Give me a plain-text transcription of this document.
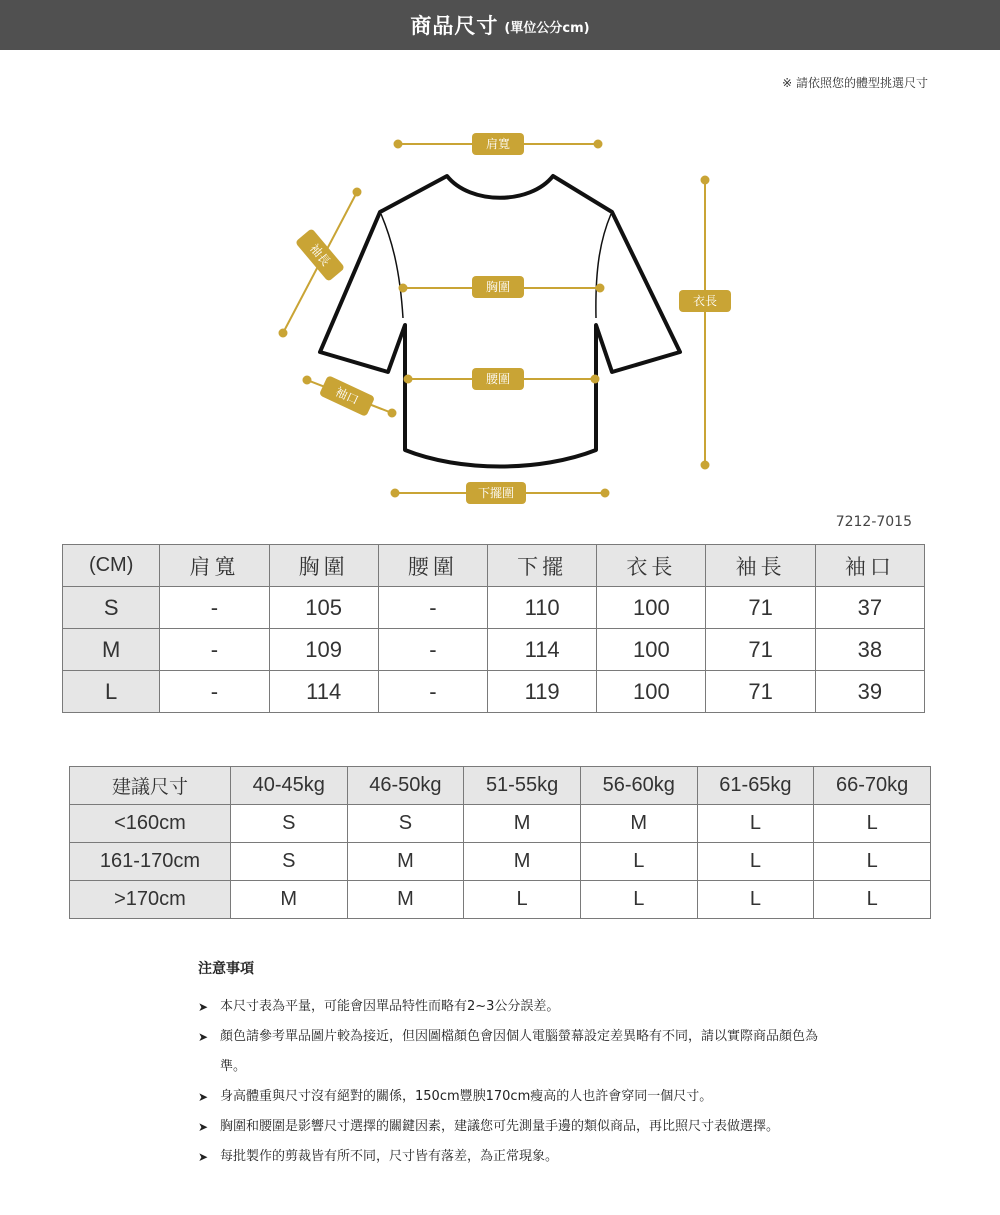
商品尺寸 (單位公分cm)
※ 請依照您的體型挑選尺寸
肩寬
袖長
胸圍
衣長
腰圍
袖口
下擺圍
7212-7015
(CM)	肩寬	胸圍	腰圍	下擺	衣長	袖長	袖口
S	-	105	-	110	100	71	37
M	-	109	-	114	100	71	38
L	-	114	-	119	100	71	39
建議尺寸	40-45kg	46-50kg	51-55kg	56-60kg	61-65kg	66-70kg
<160cm	S	S	M	M	L	L
161-170cm	S	M	M	L	L	L
>170cm	M	M	L	L	L	L
注意事項
➤ 本尺寸表為平量，可能會因單品特性而略有2~3公分誤差。
➤ 顏色請參考單品圖片較為接近，但因圖檔顏色會因個人電腦螢幕設定差異略有不同，請以實際商品顏色為準。
➤ 身高體重與尺寸沒有絕對的關係，150cm豐腴170cm瘦高的人也許會穿同一個尺寸。
➤ 胸圍和腰圍是影響尺寸選擇的關鍵因素，建議您可先測量手邊的類似商品，再比照尺寸表做選擇。
➤ 每批製作的剪裁皆有所不同，尺寸皆有落差，為正常現象。
